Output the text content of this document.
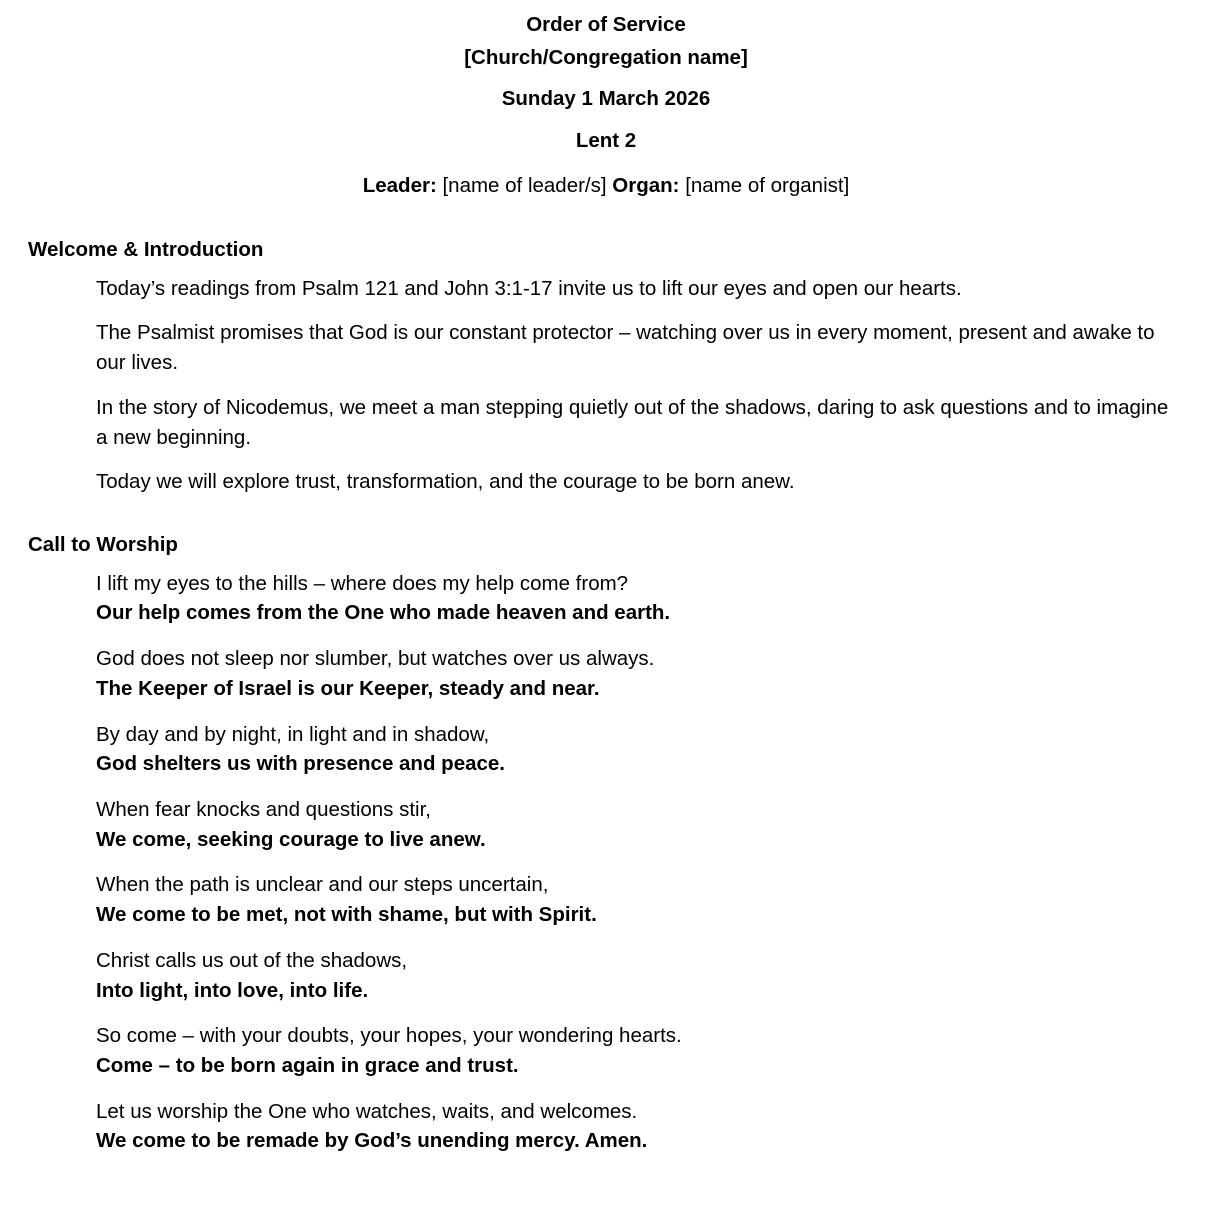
Order of Service
[Church/Congregation name]
Sunday 1 March 2026
Lent 2
Leader: [name of leader/s] Organ: [name of organist]
Welcome & Introduction

Today’s readings from Psalm 121 and John 3:1-17 invite us to lift our eyes and open our hearts.

The Psalmist promises that God is our constant protector – watching over us in every moment, present and awake to our lives.

In the story of Nicodemus, we meet a man stepping quietly out of the shadows, daring to ask questions and to imagine a new beginning.

Today we will explore trust, transformation, and the courage to be born anew.

Call to Worship
I lift my eyes to the hills – where does my help come from?
Our help comes from the One who made heaven and earth.
God does not sleep nor slumber, but watches over us always.
The Keeper of Israel is our Keeper, steady and near.
By day and by night, in light and in shadow,
God shelters us with presence and peace.
When fear knocks and questions stir,
We come, seeking courage to live anew.
When the path is unclear and our steps uncertain,
We come to be met, not with shame, but with Spirit.
Christ calls us out of the shadows,
Into light, into love, into life.
So come – with your doubts, your hopes, your wondering hearts.
Come – to be born again in grace and trust.
Let us worship the One who watches, waits, and welcomes.
We come to be remade by God’s unending mercy. Amen.
